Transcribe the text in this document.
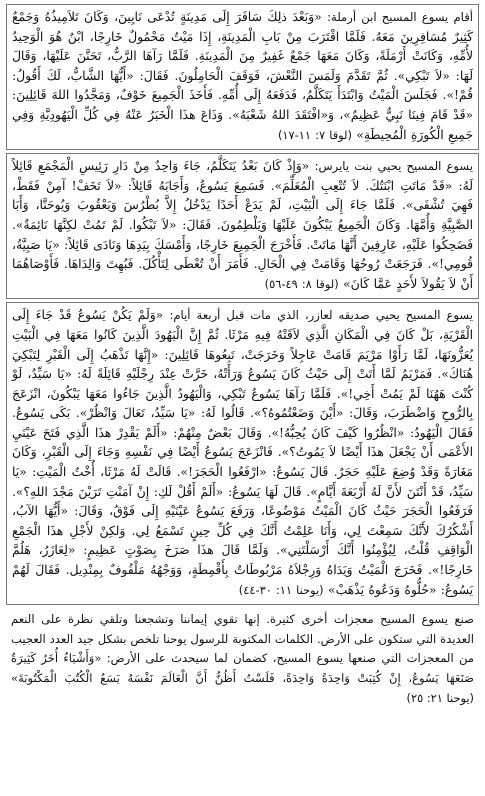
أقام يسوع المسيح ابن أرملة: «وَبَعْدَ ذلِكَ سَافَرَ إِلَى مَدِينَةٍ تُدْعَى نَايِينَ، وَكَانَ تَلاَمِيذُهُ وَجَمْعٌ كَثِيرٌ مُسَافِرِينَ مَعَهُ. فَلَمَّا اقْتَرَبَ مِنْ بَابِ الْمَدِينَةِ، إِذَا مَيْتٌ مَحْمُولٌ خَارِجًا، ابْنٌ هُوَ الْوَحِيدُ لأُمِّهِ، وَكَانَتْ أَرْمَلَةً، وَكَانَ مَعَهَا جَمْعٌ غَفِيرٌ مِنَ الْمَدِينَةِ. فَلَمَّا رَآهَا الرَّبُّ، تَحَنَّنَ عَلَيْهَا، وَقَالَ لَهَا: «لاَ تَبْكِي». ثُمَّ تَقَدَّمَ وَلَمَسَ النَّعْشَ، فَوَقَفَ الْحَامِلُونَ. فَقَالَ: «أَيُّهَا الشَّابُّ، لَكَ أَقُولُ: قُمْ!». فَجَلَسَ الْمَيْتُ وَابْتَدَأَ يَتَكَلَّمُ، فَدَفَعَهُ إِلَى أُمِّهِ. فَأَخَذَ الْجَمِيعَ خَوْفٌ، وَمَجَّدُوا اللهَ قَائِلِينَ: «قَدْ قَامَ فِينَا نَبِيٌّ عَظِيمٌ»، وَ«افْتَقَدَ اللهُ شَعْبَهُ». وَذَاعَ هذَا الْخَبَرُ عَنْهُ فِي كُلِّ الْيَهُودِيَّةِ وَفِي جَمِيعِ الْكُورَةِ الْمُحِيطَةِ» (لوقا ٧: ١١-١٧)
يسوع المسيح يحيي بنت يايرس: «وَإِذْ كَانَ بَعْدُ يَتَكَلَّمُ، جَاءَ وَاحِدٌ مِنْ دَارِ رَئِيسِ الْمَجْمَعِ قَائِلاً لَهُ: «قَدْ مَاتَتِ ابْنَتُكَ. لاَ تُتْعِبِ الْمُعَلِّمَ». فَسَمِعَ يَسُوعُ، وَأَجَابَهُ قَائِلاً: «لاَ تَخَفْ! آمِنْ فَقَطْ، فَهِيَ تُشْفَى». فَلَمَّا جَاءَ إِلَى الْبَيْتِ، لَمْ يَدَعْ أَحَدًا يَدْخُلُ إِلاَّ بُطْرُسَ وَيَعْقُوبَ وَيُوحَنَّا، وَأَبَا الصَّبِيَّةِ وَأُمَّهَا. وَكَانَ الْجَمِيعُ يَبْكُونَ عَلَيْهَا وَيَلْطِمُونَ. فَقَالَ: «لاَ تَبْكُوا. لَمْ تَمُتْ لكِنَّهَا نَائِمَةٌ». فَضَحِكُوا عَلَيْهِ، عَارِفِينَ أَنَّهَا مَاتَتْ. فَأَخْرَجَ الْجَمِيعَ خَارِجًا، وَأَمْسَكَ بِيَدِهَا وَنَادَى قَائِلاً: «يَا صَبِيَّةُ، قُومِي!». فَرَجَعَتْ رُوحُهَا وَقَامَتْ فِي الْحَالِ. فَأَمَرَ أَنْ تُعْطَى لِتَأْكُلَ. فَبُهِتَ وَالِدَاهَا. فَأَوْصَاهُمَا أَنْ لاَ يَقُولاَ لأَحَدٍ عَمَّا كَانَ» (لوقا ٨: ٤٩-٥٦)
يسوع المسيح يحيي صديقه لعازر، الذي مات قبل أربعة أيام: «وَلَمْ يَكُنْ يَسُوعُ قَدْ جَاءَ إِلَى الْقَرْيَةِ، بَلْ كَانَ فِي الْمَكَانِ الَّذِي لاَقَتْهُ فِيهِ مَرْثَا. ثُمَّ إِنَّ الْيَهُودَ الَّذِينَ كَانُوا مَعَهَا فِي الْبَيْتِ يُعَزُّونَهَا، لَمَّا رَأَوْا مَرْيَمَ قَامَتْ عَاجِلاً وَخَرَجَتْ، تَبِعُوهَا قَائِلِينَ: «إِنَّهَا تَذْهَبُ إِلَى الْقَبْرِ لِتَبْكِيَ هُنَاكَ». فَمَرْيَمُ لَمَّا أَتَتْ إِلَى حَيْثُ كَانَ يَسُوعُ وَرَأَتْهُ، خَرَّتْ عِنْدَ رِجْلَيْهِ قَائِلَةً لَهُ: «يَا سَيِّدُ، لَوْ كُنْتَ هَهُنَا لَمْ يَمُتْ أَخِي!». فَلَمَّا رَآهَا يَسُوعُ تَبْكِي، وَالْيَهُودُ الَّذِينَ جَاءُوا مَعَهَا يَبْكُونَ، انْزَعَجَ بِالرُّوحِ وَاضْطَرَبَ، وَقَالَ: «أَيْنَ وَضَعْتُمُوهُ؟». قَالُوا لَهُ: «يَا سَيِّدُ، تَعَالَ وَانْظُرْ». بَكَى يَسُوعُ. فَقَالَ الْيَهُودُ: «انْظُرُوا كَيْفَ كَانَ يُحِبُّهُ!». وَقَالَ بَعْضٌ مِنْهُمْ: «أَلَمْ يَقْدِرْ هذَا الَّذِي فَتَحَ عَيْنَيِ الأَعْمَى أَنْ يَجْعَلَ هذَا أَيْضًا لاَ يَمُوتُ؟». فَانْزَعَجَ يَسُوعُ أَيْضًا فِي نَفْسِهِ وَجَاءَ إِلَى الْقَبْرِ، وَكَانَ مَغَارَةً وَقَدْ وُضِعَ عَلَيْهِ حَجَرٌ. قَالَ يَسُوعُ: «ارْفَعُوا الْحَجَرَ!». قَالَتْ لَهُ مَرْثَا، أُخْتُ الْمَيْتِ: «يَا سَيِّدُ، قَدْ أَنْتَنَ لأَنَّ لَهُ أَرْبَعَةَ أَيَّامٍ». قَالَ لَهَا يَسُوعُ: «أَلَمْ أَقُلْ لَكِ: إِنْ آمَنْتِ تَرَيْنَ مَجْدَ اللهِ؟». فَرَفَعُوا الْحَجَرَ حَيْثُ كَانَ الْمَيْتُ مَوْضُوعًا، وَرَفَعَ يَسُوعُ عَيْنَيْهِ إِلَى فَوْقُ، وَقَالَ: «أَيُّهَا الآبُ، أَشْكُرُكَ لأَنَّكَ سَمِعْتَ لِي، وَأَنَا عَلِمْتُ أَنَّكَ فِي كُلِّ حِينٍ تَسْمَعُ لِي. وَلكِنْ لأَجْلِ هذَا الْجَمْعِ الْوَاقِفِ قُلْتُ، لِيُؤْمِنُوا أَنَّكَ أَرْسَلْتَنِي». وَلَمَّا قَالَ هذَا صَرَخَ بِصَوْتٍ عَظِيمٍ: «لِعَازَرُ، هَلُمَّ خَارِجًا!». فَخَرَجَ الْمَيْتُ وَيَدَاهُ وَرِجْلاَهُ مَرْبُوطَاتٌ بِأَقْمِطَةٍ، وَوَجْهُهُ مَلْفُوفٌ بِمِنْدِيل. فَقَالَ لَهُمْ يَسُوعُ: «حُلُّوهُ وَدَعُوهُ يَذْهَبْ» (يوحنا ١١: ٣٠-٤٤)

صنع يسوع المسيح معجزات أخرى كثيرة. إنها تقوي إيماننا وتشجعنا وتلقي نظرة على النعم العديدة التي ستكون على الأرض. الكلمات المكتوبة للرسول يوحنا تلخص بشكل جيد العدد العجيب من المعجزات التي صنعها يسوع المسيح، كضمان لما سيحدث على الأرض: «وَأَشْيَاءُ أُخَرُ كَثِيرَةٌ صَنَعَهَا يَسُوعُ، إِنْ كُتِبَتْ وَاحِدَةً وَاحِدَةً، فَلَسْتُ أَظُنُّ أَنَّ الْعَالَمَ نَفْسَهُ يَسَعُ الْكُتُبَ الْمَكْتُوبَةَ» (يوحنا ٢١: ٢٥)
